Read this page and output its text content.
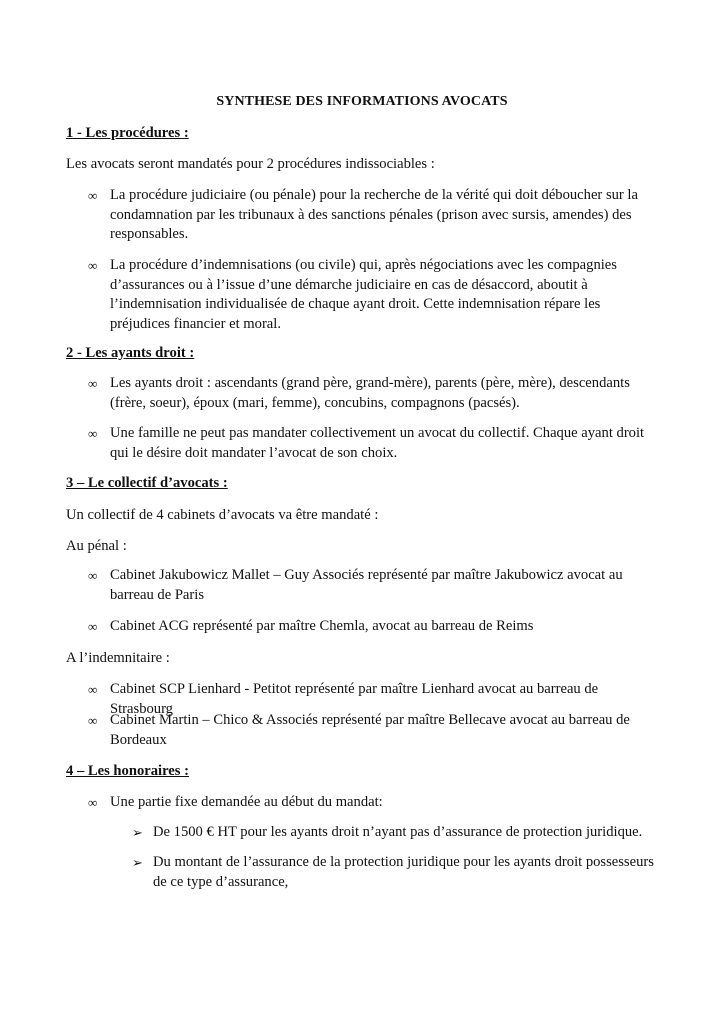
SYNTHESE DES INFORMATIONS AVOCATS
1 - Les procédures :
Les avocats seront mandatés pour 2 procédures indissociables :
∞ La procédure judiciaire (ou pénale) pour la recherche de la vérité qui doit déboucher sur la condamnation par les tribunaux à des sanctions pénales (prison avec sursis, amendes) des responsables.
∞ La procédure d’indemnisations (ou civile) qui, après négociations avec les compagnies d’assurances ou à l’issue d’une démarche judiciaire en cas de désaccord, aboutit à l’indemnisation individualisée de chaque ayant droit. Cette indemnisation répare les préjudices financier et moral.
2 - Les ayants droit :
∞ Les ayants droit : ascendants (grand père, grand-mère), parents (père, mère), descendants (frère, soeur), époux (mari, femme), concubins, compagnons (pacsés).
∞ Une famille ne peut pas mandater collectivement un avocat du collectif. Chaque ayant droit qui le désire doit mandater l’avocat de son choix.
3 – Le collectif d’avocats :
Un collectif de 4 cabinets d’avocats va être mandaté :
Au pénal :
∞ Cabinet Jakubowicz Mallet – Guy Associés représenté par maître Jakubowicz avocat au barreau de Paris
∞ Cabinet ACG représenté par maître Chemla, avocat au barreau de Reims
A l’indemnitaire :
∞ Cabinet SCP Lienhard - Petitot représenté par maître Lienhard avocat au barreau de Strasbourg
∞ Cabinet Martin – Chico & Associés représenté par maître Bellecave avocat au barreau de Bordeaux
4 – Les honoraires :
∞ Une partie fixe demandée au début du mandat:
➢ De 1500 € HT pour les ayants droit n’ayant pas d’assurance de protection juridique.
➢ Du montant de l’assurance de la protection juridique pour les ayants droit possesseurs de ce type d’assurance,
